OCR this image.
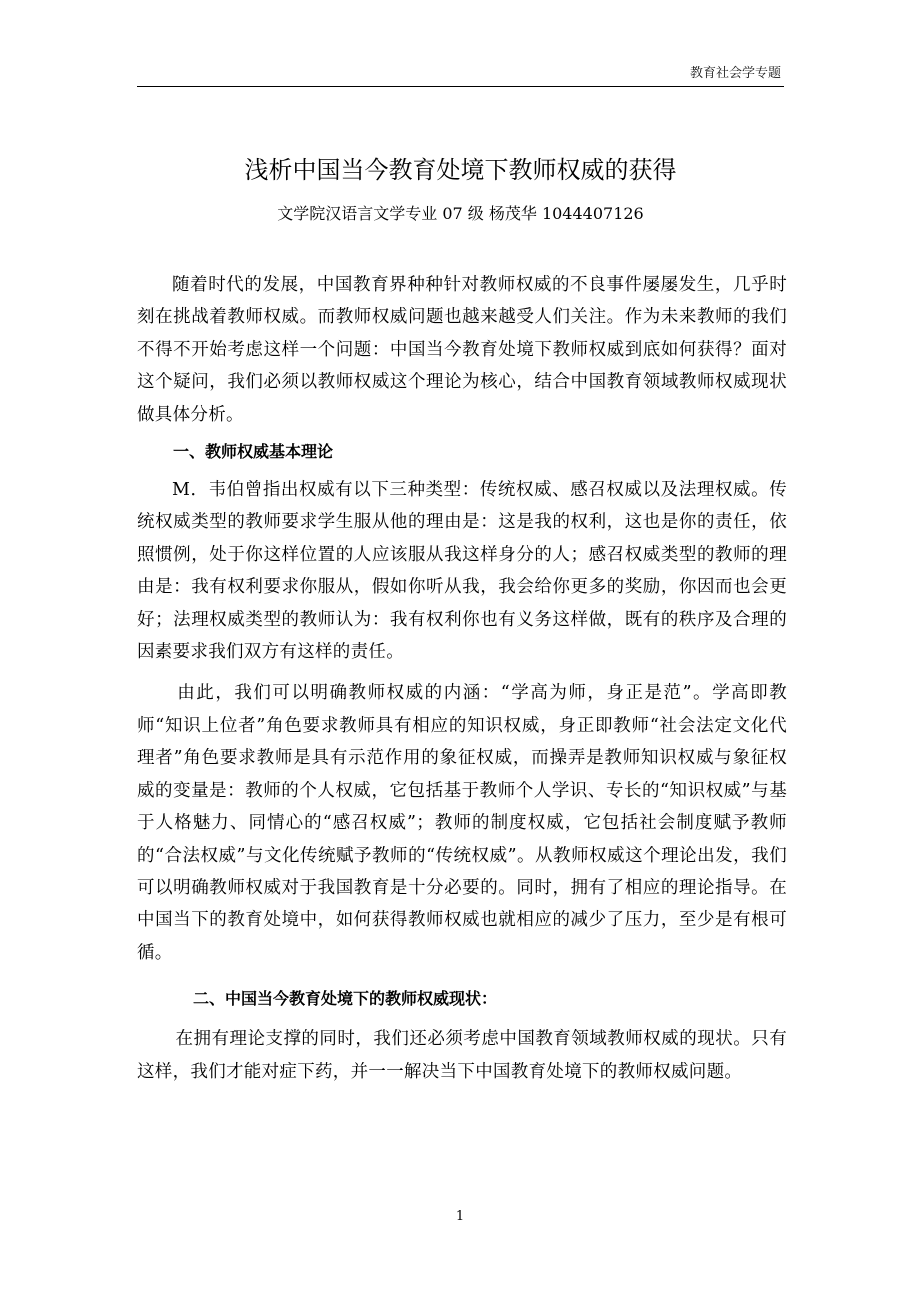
教育社会学专题
浅析中国当今教育处境下教师权威的获得
文学院汉语言文学专业 07 级 杨茂华 1044407126

随着时代的发展，中国教育界种种针对教师权威的不良事件屡屡发生，几乎时刻在挑战着教师权威。而教师权威问题也越来越受人们关注。作为未来教师的我们不得不开始考虑这样一个问题：中国当今教育处境下教师权威到底如何获得？面对这个疑问，我们必须以教师权威这个理论为核心，结合中国教育领域教师权威现状做具体分析。

一、教师权威基本理论

M．韦伯曾指出权威有以下三种类型：传统权威、感召权威以及法理权威。传统权威类型的教师要求学生服从他的理由是：这是我的权利，这也是你的责任，依照惯例，处于你这样位置的人应该服从我这样身分的人；感召权威类型的教师的理由是：我有权利要求你服从，假如你听从我，我会给你更多的奖励，你因而也会更好；法理权威类型的教师认为：我有权利你也有义务这样做，既有的秩序及合理的因素要求我们双方有这样的责任。

由此，我们可以明确教师权威的内涵：“学高为师，身正是范”。学高即教师“知识上位者”角色要求教师具有相应的知识权威，身正即教师“社会法定文化代理者”角色要求教师是具有示范作用的象征权威，而操弄是教师知识权威与象征权威的变量是：教师的个人权威，它包括基于教师个人学识、专长的“知识权威”与基于人格魅力、同情心的“感召权威”；教师的制度权威，它包括社会制度赋予教师的“合法权威”与文化传统赋予教师的“传统权威”。从教师权威这个理论出发，我们可以明确教师权威对于我国教育是十分必要的。同时，拥有了相应的理论指导。在中国当下的教育处境中，如何获得教师权威也就相应的减少了压力，至少是有根可循。

二、中国当今教育处境下的教师权威现状：

在拥有理论支撑的同时，我们还必须考虑中国教育领域教师权威的现状。只有这样，我们才能对症下药，并一一解决当下中国教育处境下的教师权威问题。

1
